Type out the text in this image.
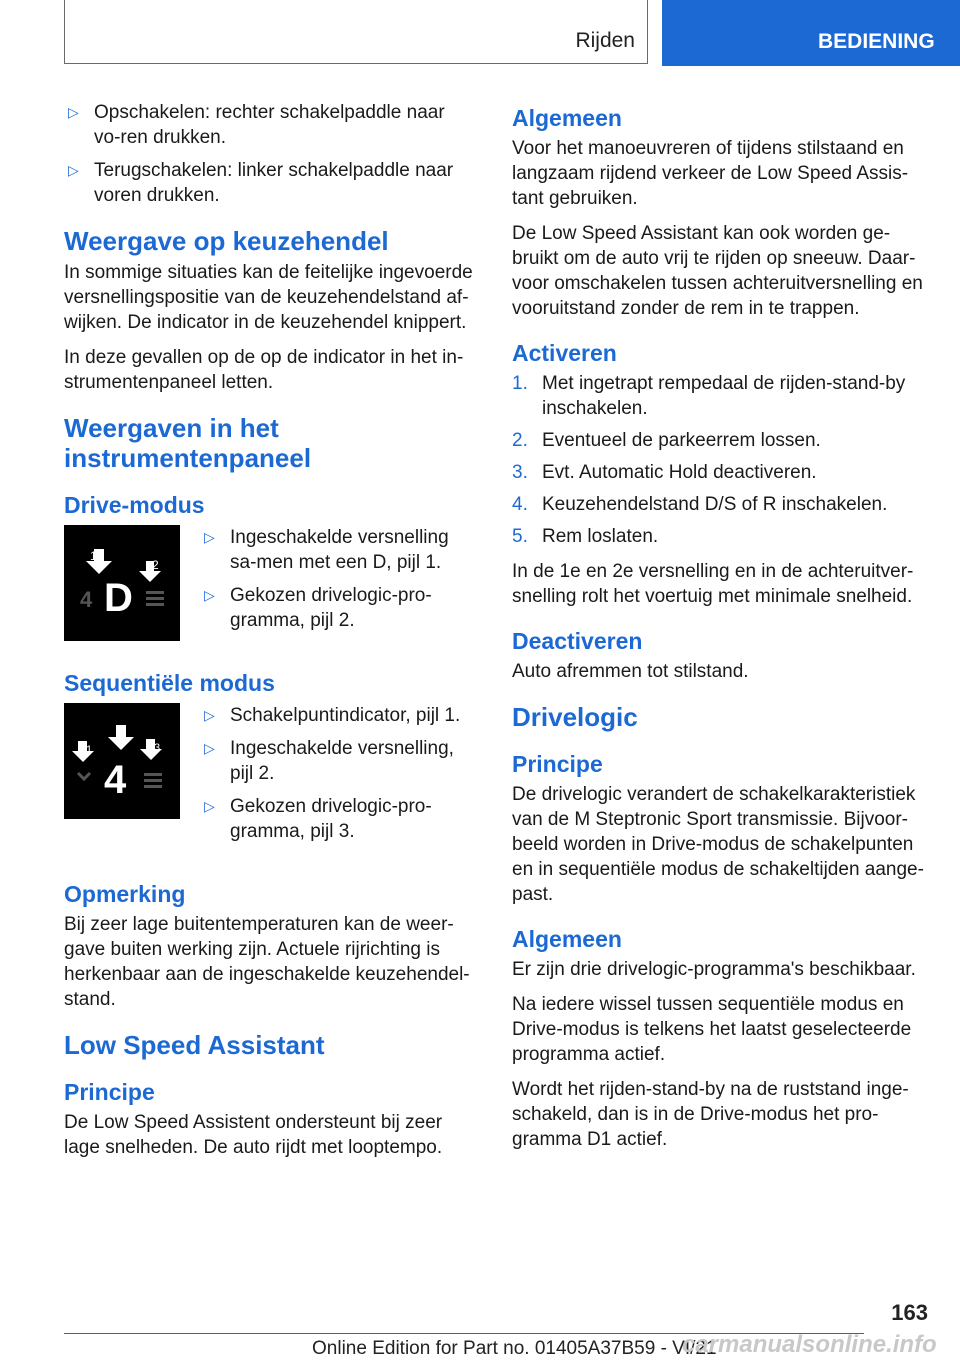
Rijden	BEDIENING
▷ Opschakelen: rechter schakelpaddle naar vo-ren drukken.
▷ Terugschakelen: linker schakelpaddle naar voren drukken.
Weergave op keuzehendel

In sommige situaties kan de feitelijke ingevoerde versnellingspositie van de keuzehendelstand af-wijken. De indicator in de keuzehendel knippert.

In deze gevallen op de op de indicator in het in-strumentenpaneel letten.

Weergaven in het instrumentenpaneel
Drive-modus
1
2
4 D
▷ Ingeschakelde versnelling sa-men met een D, pijl 1.
▷ Gekozen drivelogic-pro-gramma, pijl 2.
Sequentiële modus
1
2
3
4
▷ Schakelpuntindicator, pijl 1.
▷ Ingeschakelde versnelling, pijl 2.
▷ Gekozen drivelogic-pro-gramma, pijl 3.
Opmerking

Bij zeer lage buitentemperaturen kan de weer-gave buiten werking zijn. Actuele rijrichting is herkenbaar aan de ingeschakelde keuzehendel-stand.

Low Speed Assistant
Principe

De Low Speed Assistent ondersteunt bij zeer lage snelheden. De auto rijdt met looptempo.

Algemeen

Voor het manoeuvreren of tijdens stilstaand en langzaam rijdend verkeer de Low Speed Assis-tant gebruiken.

De Low Speed Assistant kan ook worden ge-bruikt om de auto vrij te rijden op sneeuw. Daar-voor omschakelen tussen achteruitversnelling en vooruitstand zonder de rem in te trappen.

Activeren
1. Met ingetrapt rempedaal de rijden-stand-by inschakelen.
2. Eventueel de parkeerrem lossen.
3. Evt. Automatic Hold deactiveren.
4. Keuzehendelstand D/S of R inschakelen.
5. Rem loslaten.

In de 1e en 2e versnelling en in de achteruitver-snelling rolt het voertuig met minimale snelheid.

Deactiveren

Auto afremmen tot stilstand.

Drivelogic
Principe

De drivelogic verandert de schakelkarakteristiek van de M Steptronic Sport transmissie. Bijvoor-beeld worden in Drive-modus de schakelpunten en in sequentiële modus de schakeltijden aange-past.

Algemeen

Er zijn drie drivelogic-programma's beschikbaar.

Na iedere wissel tussen sequentiële modus en Drive-modus is telkens het laatst geselecteerde programma actief.

Wordt het rijden-stand-by na de ruststand inge-schakeld, dan is in de Drive-modus het pro-gramma D1 actief.

163
Online Edition for Part no. 01405A37B59 - VI/21
carmanualsonline.info
